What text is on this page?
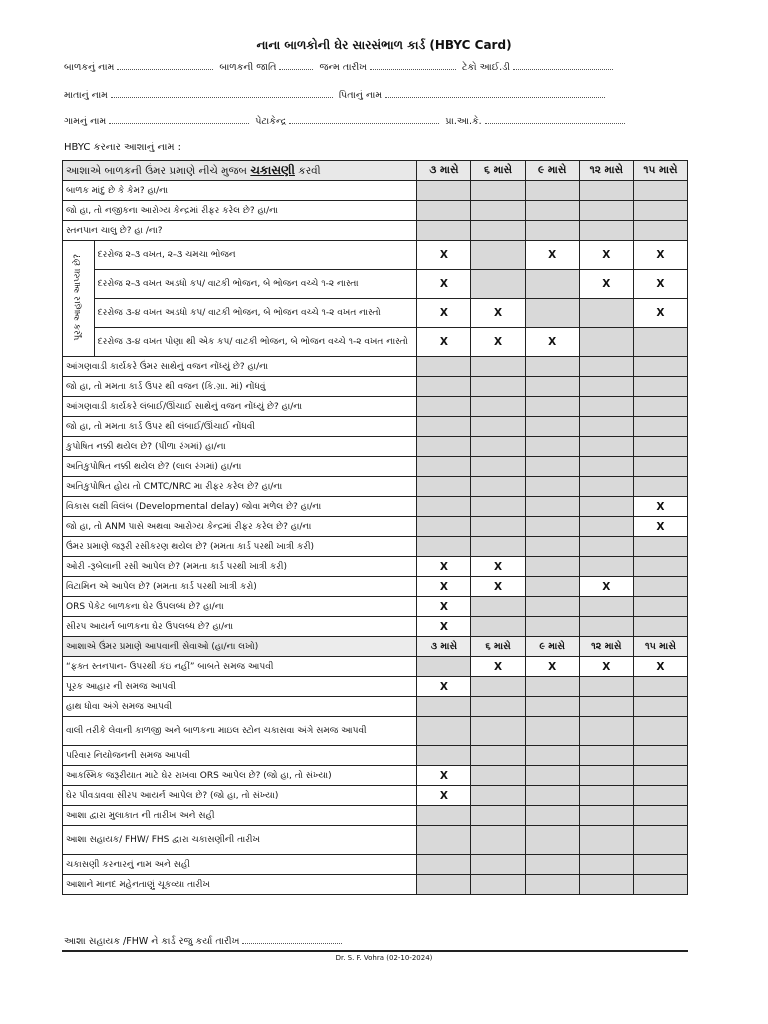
નાના બાળકોની ઘેર સારસંભાળ કાર્ડ (HBYC Card)
બાળકનું નામ	બાળકની જાતિ	જન્મ તારીખ	ટેકો આઈ.ડી
માતાનું નામ	પિતાનું નામ
ગામનું નામ	પેટાકેન્દ્ર	પ્રા.આ.કે.
HBYC કરનાર આશાનું નામ :
આશાએ બાળકની ઉંમર પ્રમાણે નીચે મુજબ ચકાસણી કરવી		૩ માસે	૬ માસે	૯ માસે	૧૨ માસે	૧૫ માસે
બાળક માંદુ છે કે કેમ? હા/ના						
જો હા, તો નજીકના આરોગ્ય કેન્દ્રમાં રીફર કરેલ છે? હા/ના						
સ્તનપાન ચાલુ છે? હા /ના?						
પૂરક આહાર આપ્યા છે?	દરરોજ ૨-૩ વખત, ૨-૩ ચમચા ભોજન	X		X	X	X
	દરરોજ ૨-૩ વખત અડધો કપ/ વાટકી ભોજન, બે ભોજન વચ્ચે ૧-૨ નાસ્તા	X			X	X
	દરરોજ ૩-૪ વખત અડધો કપ/ વાટકી ભોજન, બે ભોજન વચ્ચે ૧-૨ વખત નાસ્તો	X	X			X
	દરરોજ ૩-૪ વખત પોણા થી એક કપ/ વાટકી ભોજન, બે ભોજન વચ્ચે ૧-૨ વખત નાસ્તો	X	X	X		
આંગણવાડી કાર્યકરે ઉંમર સાથેનું વજન નોંધ્યું છે? હા/ના						
જો હા, તો મમતા કાર્ડ ઉપર થી વજન (કિ.ગ્રા. માં) નોંધવું						
આંગણવાડી કાર્યકરે લંબાઈ/ઊંચાઈ સાથેનું વજન નોંધ્યું છે? હા/ના						
જો હા, તો મમતા કાર્ડ ઉપર થી લંબાઈ/ઊંચાઈ નોંધવી						
કુપોષિત નક્કી થયેલ છે? (પીળા રંગમાં) હા/ના						
અતિકુપોષિત નક્કી થયેલ છે? (લાલ રંગમાં) હા/ના						
અતિકુપોષિત હોય તો CMTC/NRC મા રીફર કરેલ છે? હા/ના						
વિકાસ લક્ષી વિલંબ (Developmental delay) જોવા મળેલ છે? હા/ના						X
જો હા, તો ANM પાસે અથવા આરોગ્ય કેન્દ્રમાં રીફર કરેલ છે? હા/ના						X
ઉંમર પ્રમાણે જરૂરી રસીકરણ થયેલ છે? (મમતા કાર્ડ પરથી ખાત્રી કરી)						
ઓરી -રૂબેલાની રસી આપેલ છે? (મમતા કાર્ડ પરથી ખાત્રી કરી)		X	X			
વિટામિન એ આપેલ છે? (મમતા કાર્ડ પરથી ખાત્રી કરો)		X	X		X	
ORS પેકેટ બાળકના ઘેર ઉપલબ્ધ છે? હા/ના		X				
સીરપ આયર્ન બાળકના ઘેર ઉપલબ્ધ છે? હા/ના		X				
આશાએ ઉંમર પ્રમાણે આપવાની સેવાઓ (હા/ના લખો)		૩ માસે	૬ માસે	૯ માસે	૧૨ માસે	૧૫ માસે
“ફક્ત સ્તનપાન- ઉપરથી કંઇ નહીં” બાબતે સમજ આપવી			X	X	X	X
પૂરક આહાર ની સમજ આપવી		X				
હાથ ધોવા અંગે સમજ આપવી						
વાલી તરીકે લેવાની કાળજી અને બાળકના માઇલ સ્ટોન ચકાસવા અંગે સમજ આપવી						
પરિવાર નિયોજનની સમજ આપવી						
આકસ્મિક જરૂરીયાત માટે ઘેર રાખવા ORS આપેલ છે? (જો હા, તો સંખ્યા)		X				
ઘેર પીવડાવવા સીરપ આયર્ન આપેલ છે? (જો હા, તો સંખ્યા)		X				
આશા દ્વારા મુલાકાત ની તારીખ અને સહી						
આશા સહાયક/ FHW/ FHS દ્વારા ચકાસણીની તારીખ						
ચકાસણી કરનારનું નામ અને સહી						
આશાને માનદ મહેનતાણું ચૂકવ્યા તારીખ						
આશા સહાયક /FHW ને કાર્ડ રજુ કર્યા તારીખ
Dr. S. F. Vohra (02-10-2024)
